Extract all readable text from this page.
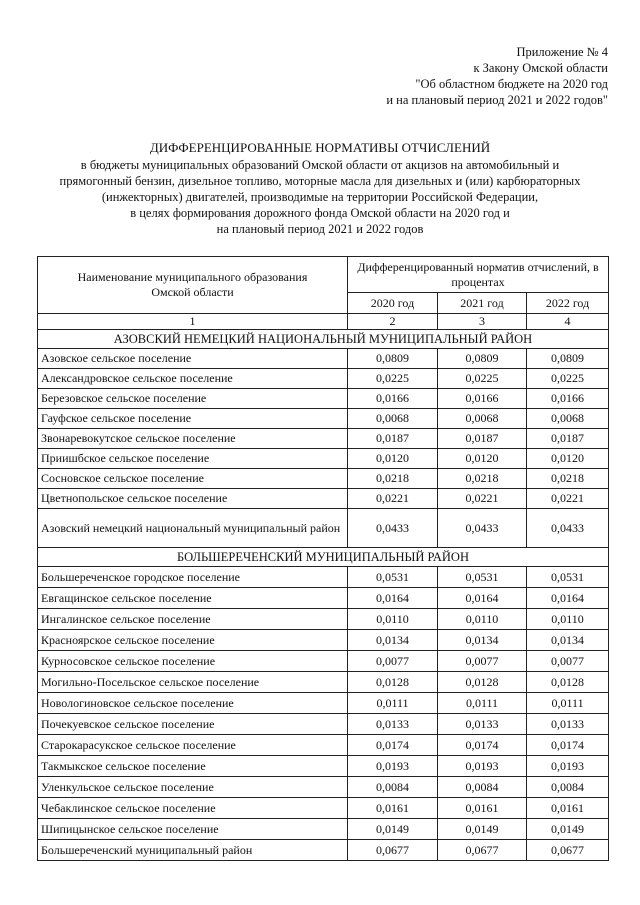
Приложение № 4
к Закону Омской области
"Об областном бюджете на 2020 год
и на плановый период 2021 и 2022 годов"
ДИФФЕРЕНЦИРОВАННЫЕ НОРМАТИВЫ ОТЧИСЛЕНИЙ
в бюджеты муниципальных образований Омской области от акцизов на автомобильный и
прямогонный бензин, дизельное топливо, моторные масла для дизельных и (или) карбюраторных
(инжекторных) двигателей, производимые на территории Российской Федерации,
в целях формирования дорожного фонда Омской области на 2020 год и
на плановый период 2021 и 2022 годов
Наименование муниципального образования Омской области	Дифференцированный норматив отчислений, в процентах		
	2020 год	2021 год	2022 год
1	2	3	4
АЗОВСКИЙ НЕМЕЦКИЙ НАЦИОНАЛЬНЫЙ МУНИЦИПАЛЬНЫЙ РАЙОН			
Азовское сельское поселение	0,0809	0,0809	0,0809
Александровское сельское поселение	0,0225	0,0225	0,0225
Березовское сельское поселение	0,0166	0,0166	0,0166
Гауфское сельское поселение	0,0068	0,0068	0,0068
Звонаревокутское сельское поселение	0,0187	0,0187	0,0187
Приишбское сельское поселение	0,0120	0,0120	0,0120
Сосновское сельское поселение	0,0218	0,0218	0,0218
Цветнопольское сельское поселение	0,0221	0,0221	0,0221
Азовский немецкий национальный муниципальный район	0,0433	0,0433	0,0433
БОЛЬШЕРЕЧЕНСКИЙ МУНИЦИПАЛЬНЫЙ РАЙОН			
Большереченское городское поселение	0,0531	0,0531	0,0531
Евгащинское сельское поселение	0,0164	0,0164	0,0164
Ингалинское сельское поселение	0,0110	0,0110	0,0110
Красноярское сельское поселение	0,0134	0,0134	0,0134
Курносовское сельское поселение	0,0077	0,0077	0,0077
Могильно-Посельское сельское поселение	0,0128	0,0128	0,0128
Новологиновское сельское поселение	0,0111	0,0111	0,0111
Почекуевское сельское поселение	0,0133	0,0133	0,0133
Старокарасукское сельское поселение	0,0174	0,0174	0,0174
Такмыкское сельское поселение	0,0193	0,0193	0,0193
Уленкульское сельское поселение	0,0084	0,0084	0,0084
Чебаклинское сельское поселение	0,0161	0,0161	0,0161
Шипицынское сельское поселение	0,0149	0,0149	0,0149
Большереченский муниципальный район	0,0677	0,0677	0,0677
